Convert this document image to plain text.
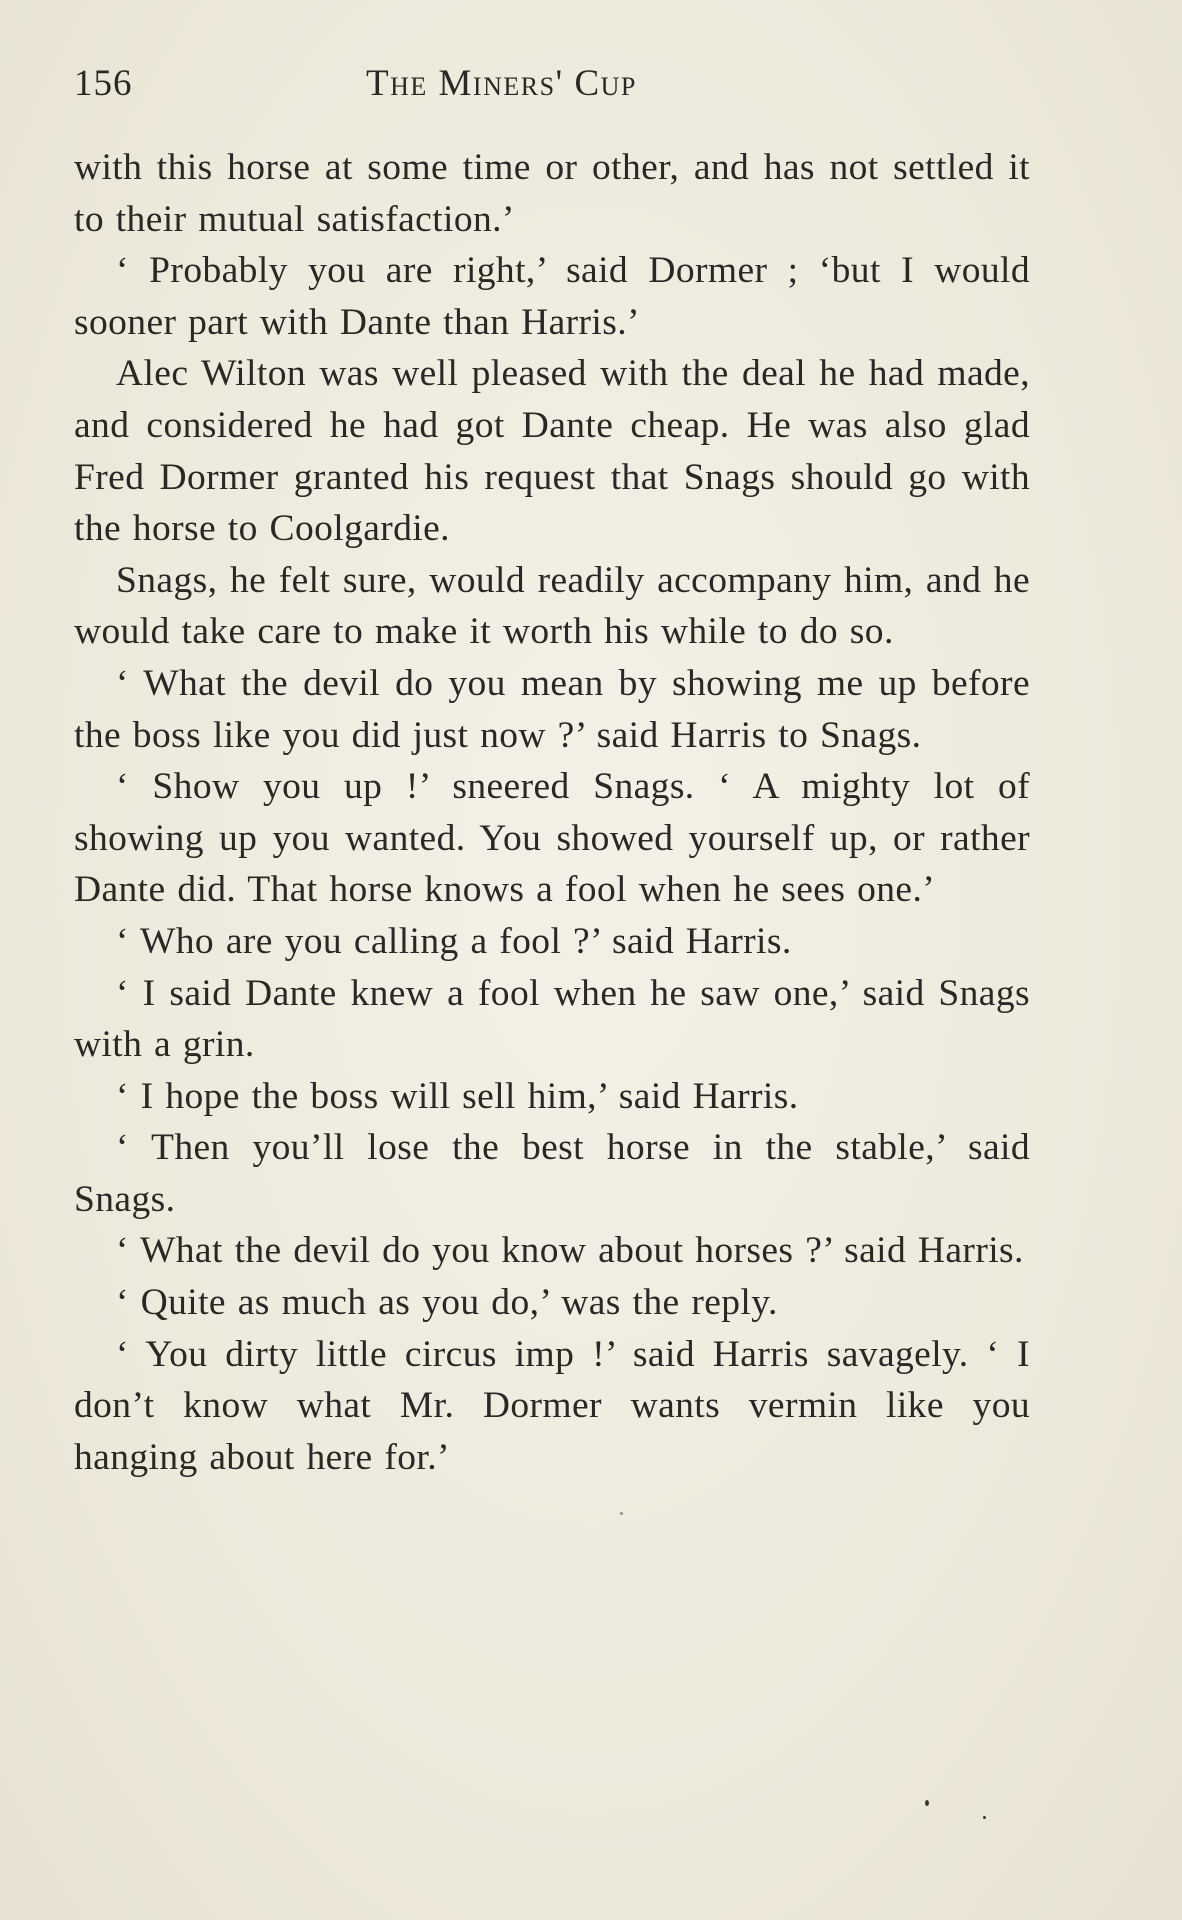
156	The Miners' Cup

with this horse at some time or other, and has not settled it to their mutual satisfaction.’

‘ Probably you are right,’ said Dormer ; ‘but I would sooner part with Dante than Harris.’

Alec Wilton was well pleased with the deal he had made, and considered he had got Dante cheap. He was also glad Fred Dormer granted his request that Snags should go with the horse to Coolgardie.

Snags, he felt sure, would readily accompany him, and he would take care to make it worth his while to do so.

‘ What the devil do you mean by showing me up before the boss like you did just now ?’ said Harris to Snags.

‘ Show you up !’ sneered Snags. ‘ A mighty lot of showing up you wanted. You showed yourself up, or rather Dante did. That horse knows a fool when he sees one.’

‘ Who are you calling a fool ?’ said Harris.

‘ I said Dante knew a fool when he saw one,’ said Snags with a grin.

‘ I hope the boss will sell him,’ said Harris.

‘ Then you’ll lose the best horse in the stable,’ said Snags.

‘ What the devil do you know about horses ?’ said Harris.

‘ Quite as much as you do,’ was the reply.

‘ You dirty little circus imp !’ said Harris savagely. ‘ I don’t know what Mr. Dormer wants vermin like you hanging about here for.’
